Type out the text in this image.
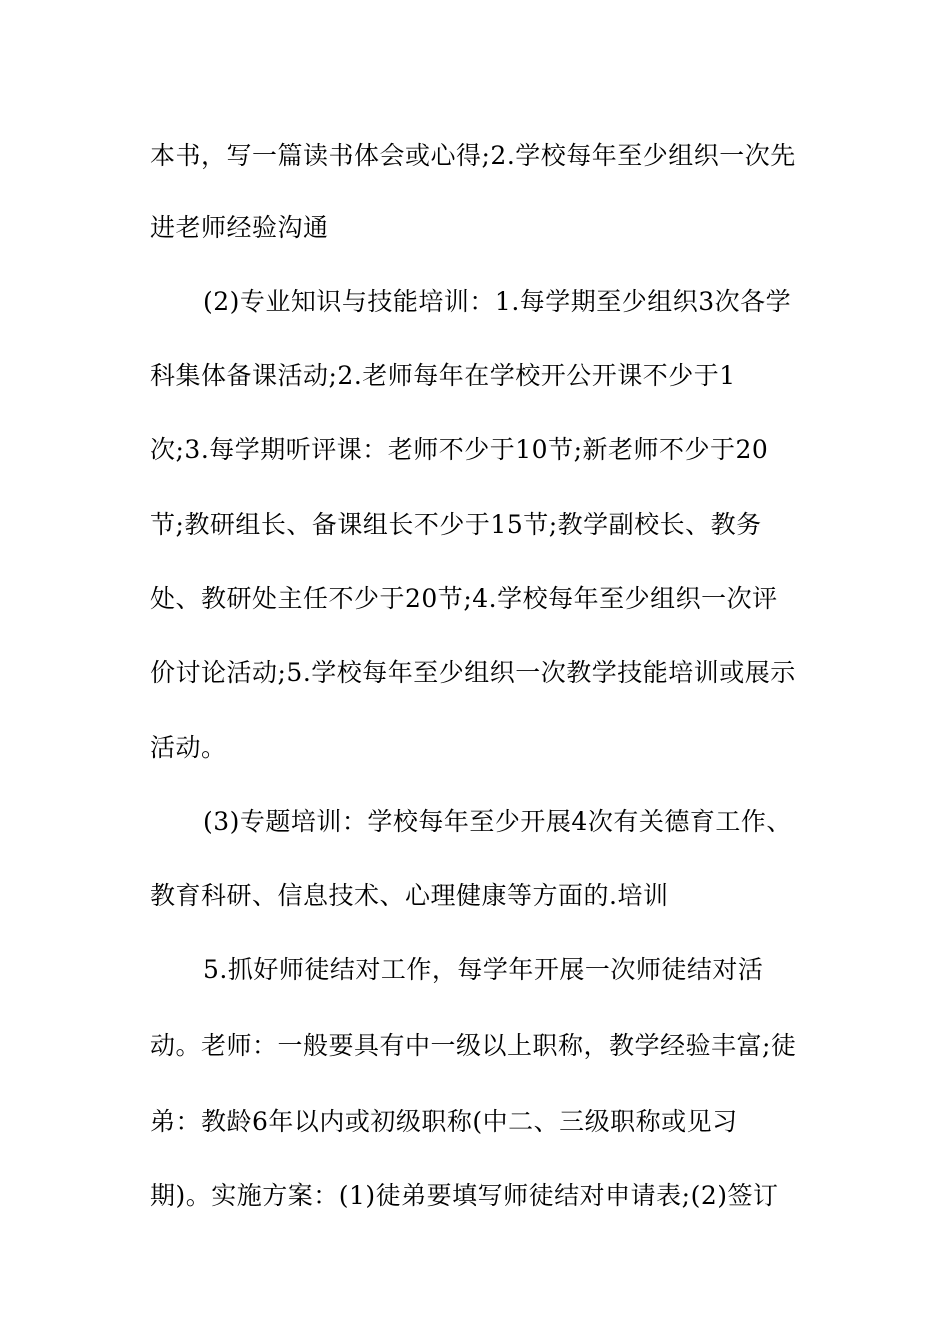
本书，写一篇读书体会或心得;2.学校每年至少组织一次先
进老师经验沟通
(2)专业知识与技能培训：1.每学期至少组织3次各学
科集体备课活动;2.老师每年在学校开公开课不少于1
次;3.每学期听评课：老师不少于10节;新老师不少于20
节;教研组长、备课组长不少于15节;教学副校长、教务
处、教研处主任不少于20节;4.学校每年至少组织一次评
价讨论活动;5.学校每年至少组织一次教学技能培训或展示
活动。
(3)专题培训：学校每年至少开展4次有关德育工作、
教育科研、信息技术、心理健康等方面的.培训
5.抓好师徒结对工作，每学年开展一次师徒结对活
动。老师：一般要具有中一级以上职称，教学经验丰富;徒
弟：教龄6年以内或初级职称(中二、三级职称或见习
期)。实施方案：(1)徒弟要填写师徒结对申请表;(2)签订
